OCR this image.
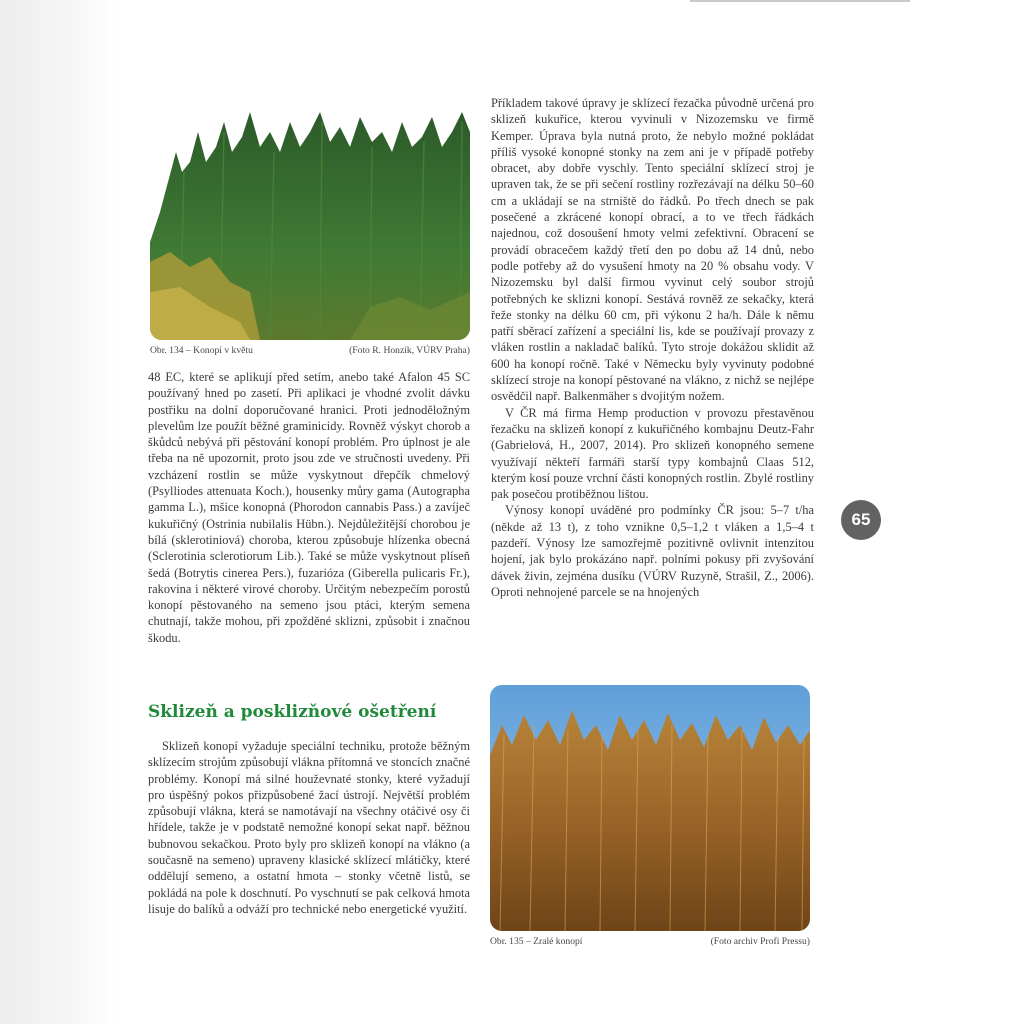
Obr. 134 – Konopí v květu	(Foto R. Honzík, VÚRV Praha)

48 EC, které se aplikují před setím, anebo také Afalon 45 SC používaný hned po zasetí. Při aplikaci je vhodné zvolit dávku postřiku na dolní doporučované hranici. Proti jednoděložným plevelům lze použít běžné graminicidy. Rovněž výskyt chorob a škůdců nebývá při pěstování konopí problém. Pro úplnost je ale třeba na ně upozornit, proto jsou zde ve stručnosti uvedeny. Při vzcházení rostlin se může vyskytnout dřepčík chmelový (Psylliodes attenuata Koch.), housenky můry gama (Autographa gamma L.), mšice konopná (Phorodon cannabis Pass.) a zavíječ kukuřičný (Ostrinia nubilalis Hübn.). Nejdůležitější chorobou je bílá (sklerotiniová) choroba, kterou způsobuje hlízenka obecná (Sclerotinia sclerotiorum Lib.). Také se může vyskytnout plíseň šedá (Botrytis cinerea Pers.), fuzarióza (Giberella pulicaris Fr.), rakovina i některé virové choroby. Určitým nebezpečím porostů konopí pěstovaného na semeno jsou ptáci, kterým semena chutnají, takže mohou, při zpožděné sklizni, způsobit i značnou škodu.

Sklizeň a posklizňové ošetření

Sklizeň konopí vyžaduje speciální techniku, protože běžným sklízecím strojům způsobují vlákna přítomná ve stoncích značné problémy. Konopí má silné houževnaté stonky, které vyžadují pro úspěšný pokos přizpůsobené žací ústrojí. Největší problém způsobují vlákna, která se namotávají na všechny otáčivé osy či hřídele, takže je v podstatě nemožné konopí sekat např. běžnou bubnovou sekačkou. Proto byly pro sklizeň konopí na vlákno (a současně na semeno) upraveny klasické sklízecí mlátičky, které oddělují semeno, a ostatní hmota – stonky včetně listů, se pokládá na pole k doschnutí. Po vyschnutí se pak celková hmota lisuje do balíků a odváží pro technické nebo energetické využití.

Příkladem takové úpravy je sklízecí řezačka původně určená pro sklizeň kukuřice, kterou vyvinuli v Nizozemsku ve firmě Kemper. Úprava byla nutná proto, že nebylo možné pokládat příliš vysoké konopné stonky na zem ani je v případě potřeby obracet, aby dobře vyschly. Tento speciální sklízecí stroj je upraven tak, že se při sečení rostliny rozřezávají na délku 50–60 cm a ukládají se na strniště do řádků. Po třech dnech se pak posečené a zkrácené konopí obrací, a to ve třech řádkách najednou, což dosoušení hmoty velmi zefektivní. Obracení se provádí obracečem každý třetí den po dobu až 14 dnů, nebo podle potřeby až do vysušení hmoty na 20 % obsahu vody. V Nizozemsku byl další firmou vyvinut celý soubor strojů potřebných ke sklizni konopí. Sestává rovněž ze sekačky, která řeže stonky na délku 60 cm, při výkonu 2 ha/h. Dále k němu patří sběrací zařízení a speciální lis, kde se používají provazy z vláken rostlin a nakladač balíků. Tyto stroje dokážou sklidit až 600 ha konopí ročně. Také v Německu byly vyvinuty podobné sklízecí stroje na konopí pěstované na vlákno, z nichž se nejlépe osvědčil např. Balkenmäher s dvojitým nožem.

V ČR má firma Hemp production v provozu přestavěnou řezačku na sklizeň konopí z kukuřičného kombajnu Deutz-Fahr (Gabrielová, H., 2007, 2014). Pro sklizeň konopného semene využívají někteří farmáři starší typy kombajnů Claas 512, kterým kosí pouze vrchní části konopných rostlin. Zbylé rostliny pak posečou protiběžnou lištou.

Výnosy konopí uváděné pro podmínky ČR jsou: 5–7 t/ha (někde až 13 t), z toho vznikne 0,5–1,2 t vláken a 1,5–4 t pazdeří. Výnosy lze samozřejmě pozitivně ovlivnit intenzitou hojení, jak bylo prokázáno např. polními pokusy při zvyšování dávek živin, zejména dusíku (VÚRV Ruzyně, Strašil, Z., 2006). Oproti nehnojené parcele se na hnojených

Obr. 135 – Zralé konopí	(Foto archiv Profi Pressu)
65
